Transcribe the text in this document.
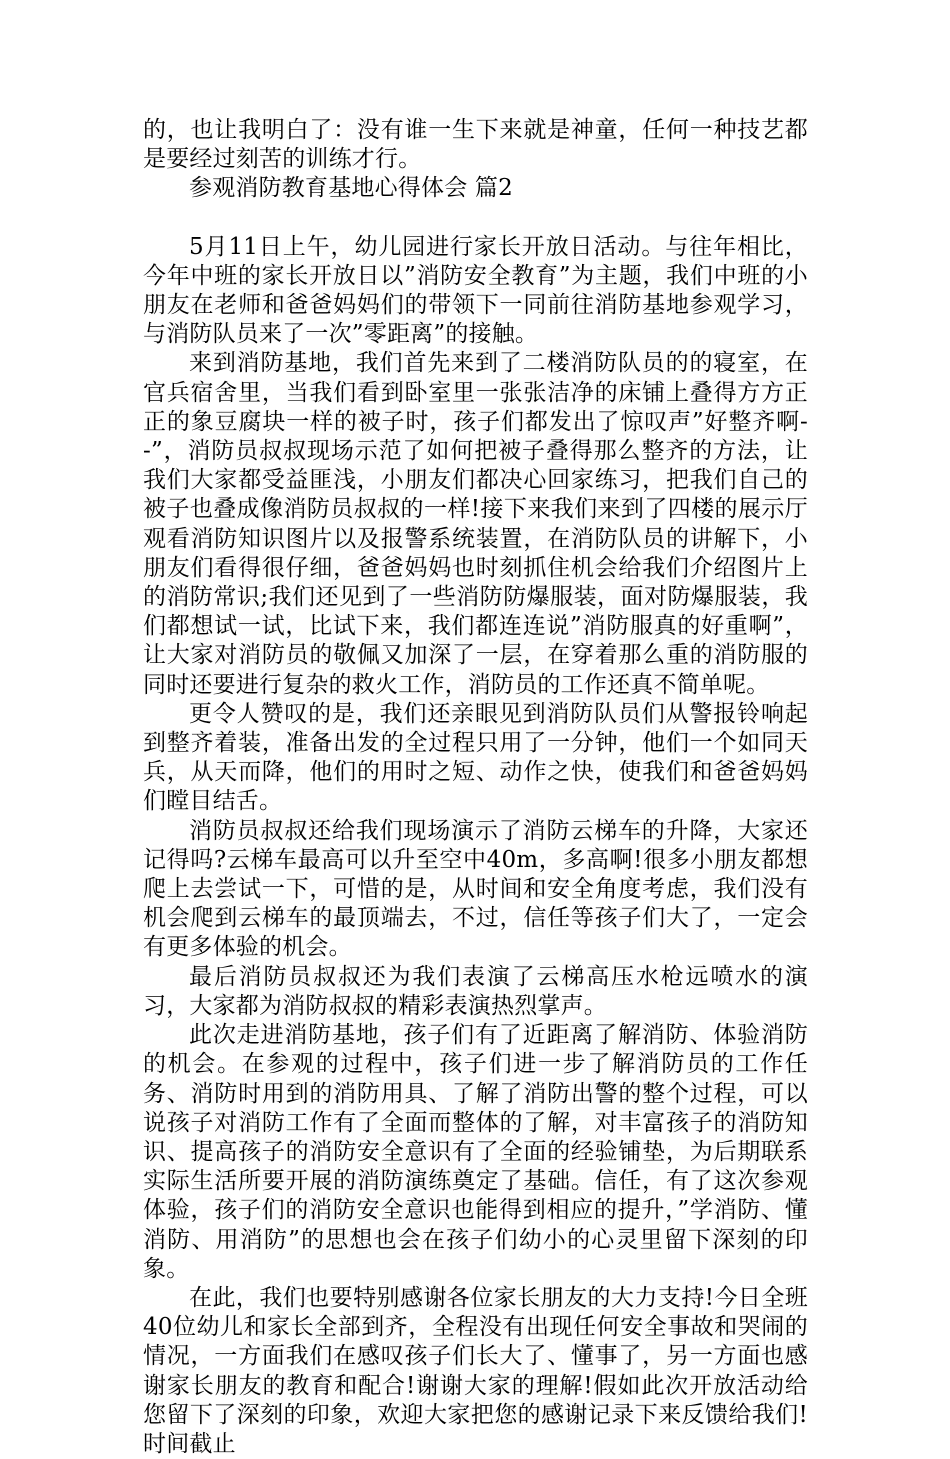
的，也让我明白了：没有谁一生下来就是神童，任何一种技艺都是要经过刻苦的训练才行。

参观消防教育基地心得体会 篇2

5月11日上午，幼儿园进行家长开放日活动。与往年相比，今年中班的家长开放日以”消防安全教育”为主题，我们中班的小朋友在老师和爸爸妈妈们的带领下一同前往消防基地参观学习，与消防队员来了一次”零距离”的接触。

来到消防基地，我们首先来到了二楼消防队员的的寝室，在官兵宿舍里，当我们看到卧室里一张张洁净的床铺上叠得方方正正的象豆腐块一样的被子时，孩子们都发出了惊叹声”好整齐啊--”，消防员叔叔现场示范了如何把被子叠得那么整齐的方法，让我们大家都受益匪浅，小朋友们都决心回家练习，把我们自己的被子也叠成像消防员叔叔的一样!接下来我们来到了四楼的展示厅观看消防知识图片以及报警系统装置，在消防队员的讲解下，小朋友们看得很仔细，爸爸妈妈也时刻抓住机会给我们介绍图片上的消防常识;我们还见到了一些消防防爆服装，面对防爆服装，我们都想试一试，比试下来，我们都连连说”消防服真的好重啊”，让大家对消防员的敬佩又加深了一层，在穿着那么重的消防服的同时还要进行复杂的救火工作，消防员的工作还真不简单呢。

更令人赞叹的是，我们还亲眼见到消防队员们从警报铃响起到整齐着装，准备出发的全过程只用了一分钟，他们一个如同天兵，从天而降，他们的用时之短、动作之快，使我们和爸爸妈妈们瞠目结舌。

消防员叔叔还给我们现场演示了消防云梯车的升降，大家还记得吗?云梯车最高可以升至空中40m，多高啊!很多小朋友都想爬上去尝试一下，可惜的是，从时间和安全角度考虑，我们没有机会爬到云梯车的最顶端去，不过，信任等孩子们大了，一定会有更多体验的机会。

最后消防员叔叔还为我们表演了云梯高压水枪远喷水的演习，大家都为消防叔叔的精彩表演热烈掌声。

此次走进消防基地，孩子们有了近距离了解消防、体验消防的机会。在参观的过程中，孩子们进一步了解消防员的工作任务、消防时用到的消防用具、了解了消防出警的整个过程，可以说孩子对消防工作有了全面而整体的了解，对丰富孩子的消防知识、提高孩子的消防安全意识有了全面的经验铺垫，为后期联系实际生活所要开展的消防演练奠定了基础。信任，有了这次参观体验，孩子们的消防安全意识也能得到相应的提升，”学消防、懂消防、用消防”的思想也会在孩子们幼小的心灵里留下深刻的印象。

在此，我们也要特别感谢各位家长朋友的大力支持!今日全班40位幼儿和家长全部到齐，全程没有出现任何安全事故和哭闹的情况，一方面我们在感叹孩子们长大了、懂事了，另一方面也感谢家长朋友的教育和配合!谢谢大家的理解!假如此次开放活动给您留下了深刻的印象，欢迎大家把您的感谢记录下来反馈给我们!时间截止
